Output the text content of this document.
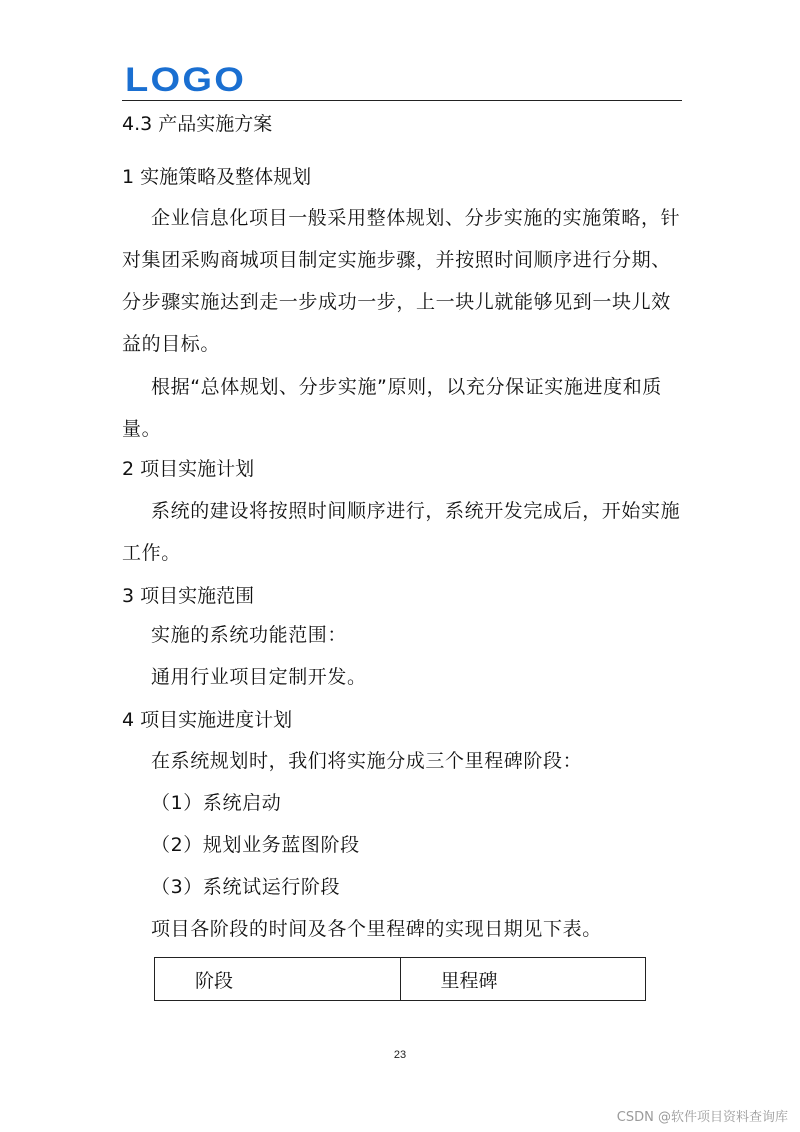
LOGO
4.3 产品实施方案
1 实施策略及整体规划

企业信息化项目一般采用整体规划、分步实施的实施策略，针对集团采购商城项目制定实施步骤，并按照时间顺序进行分期、分步骤实施达到走一步成功一步，上一块儿就能够见到一块儿效益的目标。

根据“总体规划、分步实施”原则，以充分保证实施进度和质量。

2 项目实施计划

系统的建设将按照时间顺序进行，系统开发完成后，开始实施工作。

3 项目实施范围
实施的系统功能范围：
通用行业项目定制开发。
4 项目实施进度计划
在系统规划时，我们将实施分成三个里程碑阶段：
（1）系统启动
（2）规划业务蓝图阶段
（3）系统试运行阶段
项目各阶段的时间及各个里程碑的实现日期见下表。
阶段	里程碑
23
CSDN @软件项目资料查询库
